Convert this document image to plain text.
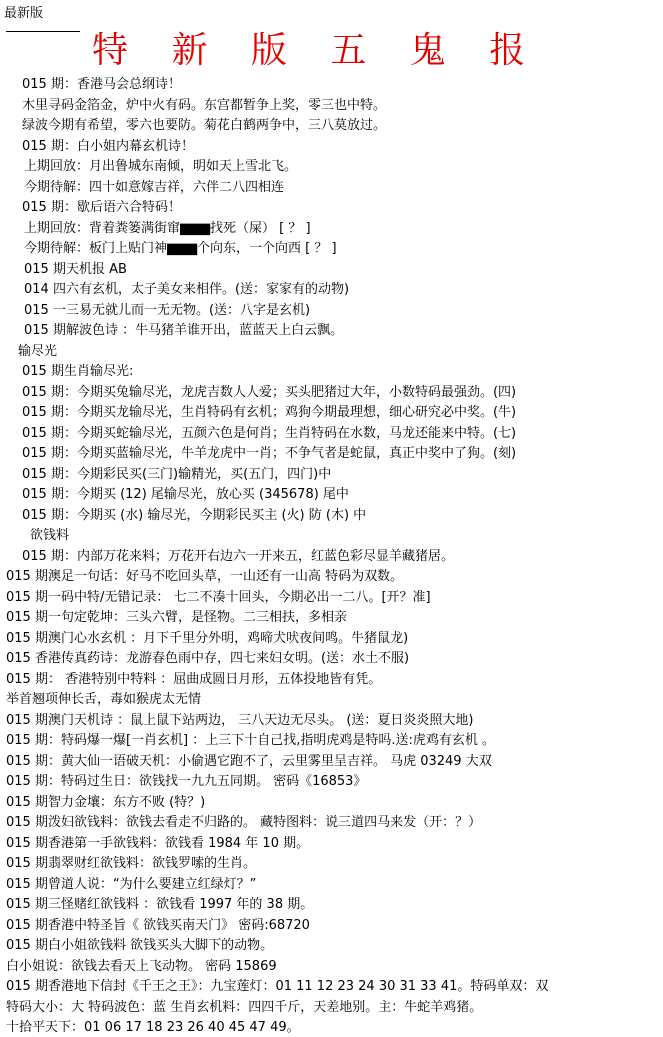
最新版
特 新 版 五 鬼 报
015 期：香港马会总纲诗！
木里寻码金箔金，炉中火有码。东宫都暂争上奖，零三也中特。
绿波今期有希望，零六也要防。菊花白鹤两争中，三八莫放过。
015 期：白小姐内幕玄机诗！
上期回放：月出鲁城东南倾，明如天上雪北飞。
今期待解：四十如意嫁吉祥，六伴二八四相连
015 期：歇后语六合特码！
上期回放：背着粪篓满街窜▆▆▆找死（屎） [ ？ ]
今期待解：板门上贴门神▆▆▆个向东，一个向西 [ ？ ]
015 期天机报 AB
014 四六有玄机，太子美女来相伴。(送：家家有的动物)
015 一三易无就儿而一无无物。(送：八字是玄机)
015 期解波色诗 ：牛马猪羊谁开出，蓝蓝天上白云飘。
输尽光
015 期生肖输尽光:
015 期：今期买兔输尽光，龙虎吉数人人爱；买头肥猪过大年，小数特码最强劲。(四)
015 期：今期买龙输尽光，生肖特码有玄机；鸡狗今期最理想，细心研究必中奖。(牛)
015 期：今期买蛇输尽光，五颜六色是何肖；生肖特码在水数，马龙还能来中特。(七)
015 期：今期买蓝输尽光，牛羊龙虎中一肖；不争气者是蛇鼠，真正中奖中了狗。(刻)
015 期：今期彩民买(三门)输精光，买(五门，四门)中
015 期：今期买 (12) 尾输尽光，放心买 (345678) 尾中
015 期：今期买 (水) 输尽光，今期彩民买主 (火) 防 (木) 中
欲钱料
015 期：内部万花来料；万花开右边六一开来五，红蓝色彩尽显羊藏猪居。
015 期澳足一句话：好马不吃回头草，一山还有一山高 特码为双数。
015 期一码中特/无错记录： 七二不凑十回头，今期必出一二八。[开？准]
015 期一句定乾坤：三头六臂，是怪物。二三相扶，多相亲
015 期澳门心水玄机 ：月下千里分外明，鸡啼犬吠夜间鸣。牛猪鼠龙)
015 香港传真药诗：龙游春色雨中存，四七来妇女明。(送：水土不服)
015 期： 香港特别中特料 ：屈曲成圆日月形，五体投地皆有凭。
举首翘项伸长舌，毒如猴虎太无情
015 期澳门天机诗 ：鼠上鼠下站两边， 三八天边无尽头。 (送：夏日炎炎照大地)
015 期：特码爆一爆[一肖玄机] ：上三下十自己找,指明虎鸡是特吗.送:虎鸡有玄机 。
015 期：黄大仙一语破天机：小偷遇它跑不了，云里雾里呈吉祥。 马虎 03249 大双
015 期：特码过生日：欲钱找一九九五同期。 密码《16853》
015 期智力金壤：东方不败 (特？)
015 期泼妇欲钱料：欲钱去看走不归路的。 藏特图料：说三道四马来发（开：？）
015 期香港第一手欲钱料：欲钱看 1984 年 10 期。
015 期翡翠财红欲钱料：欲钱罗嗦的生肖。
015 期曾道人说：“为什么要建立红绿灯？”
015 期三怪赌红欲钱料 ：欲钱看 1997 年的 38 期。
015 期香港中特圣旨《 欲钱买南天门》 密码:68720
015 期白小姐欲钱料 欲钱买头大脚下的动物。
白小姐说：欲钱去看天上飞动物。 密码 15869
015 期香港地下信封《千王之王》：九宝莲灯：01 11 12 23 24 30 31 33 41。特码单双：双
特码大小：大 特码波色：蓝 生肖玄机料：四四千斤，天差地别。主：牛蛇羊鸡猪。
十拾平天下：01 06 17 18 23 26 40 45 47 49。
